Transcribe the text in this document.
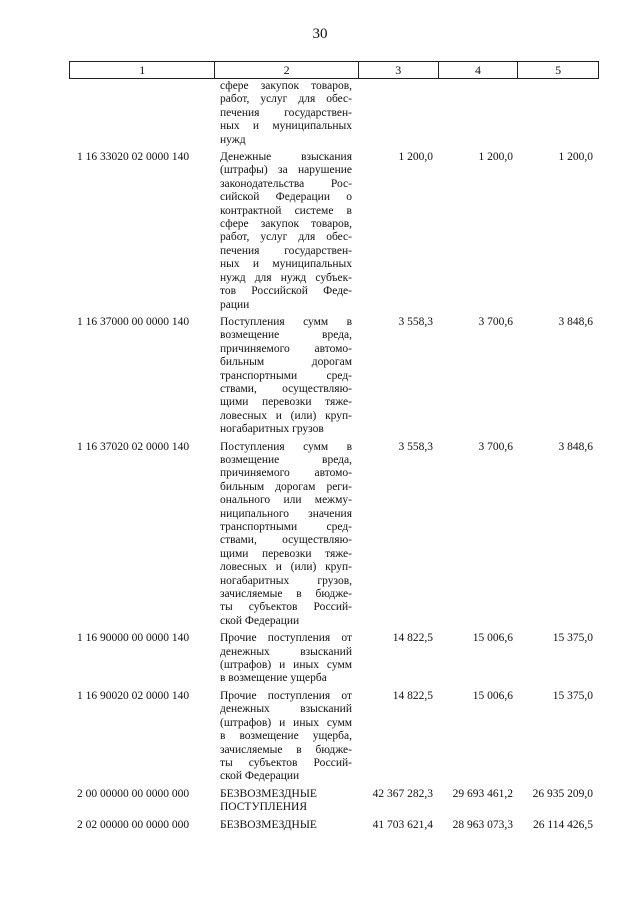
30
1	2	3	4	5
сфере закупок товаров,
работ, услуг для обес-
печения государствен-
ных и муниципальных
нужд
1 16 33020 02 0000 140	Денежные взыскания
(штрафы) за нарушение
законодательства Рос-
сийской Федерации о
контрактной системе в
сфере закупок товаров,
работ, услуг для обес-
печения государствен-
ных и муниципальных
нужд для нужд субъек-
тов Российской Феде-
рации
1 200,0	1 200,0	1 200,0
1 16 37000 00 0000 140	Поступления сумм в
возмещение вреда,
причиняемого автомо-
бильным дорогам
транспортными сред-
ствами, осуществляю-
щими перевозки тяже-
ловесных и (или) круп-
ногабаритных грузов
3 558,3	3 700,6	3 848,6
1 16 37020 02 0000 140	Поступления сумм в
возмещение вреда,
причиняемого автомо-
бильным дорогам реги-
онального или межму-
ниципального значения
транспортными сред-
ствами, осуществляю-
щими перевозки тяже-
ловесных и (или) круп-
ногабаритных грузов,
зачисляемые в бюдже-
ты субъектов Россий-
ской Федерации
3 558,3	3 700,6	3 848,6
1 16 90000 00 0000 140	Прочие поступления от
денежных взысканий
(штрафов) и иных сумм
в возмещение ущерба
14 822,5	15 006,6	15 375,0
1 16 90020 02 0000 140	Прочие поступления от
денежных взысканий
(штрафов) и иных сумм
в возмещение ущерба,
зачисляемые в бюдже-
ты субъектов Россий-
ской Федерации
14 822,5	15 006,6	15 375,0
2 00 00000 00 0000 000	БЕЗВОЗМЕЗДНЫЕ
ПОСТУПЛЕНИЯ
42 367 282,3	29 693 461,2	26 935 209,0
2 02 00000 00 0000 000	БЕЗВОЗМЕЗДНЫЕ	41 703 621,4	28 963 073,3	26 114 426,5
